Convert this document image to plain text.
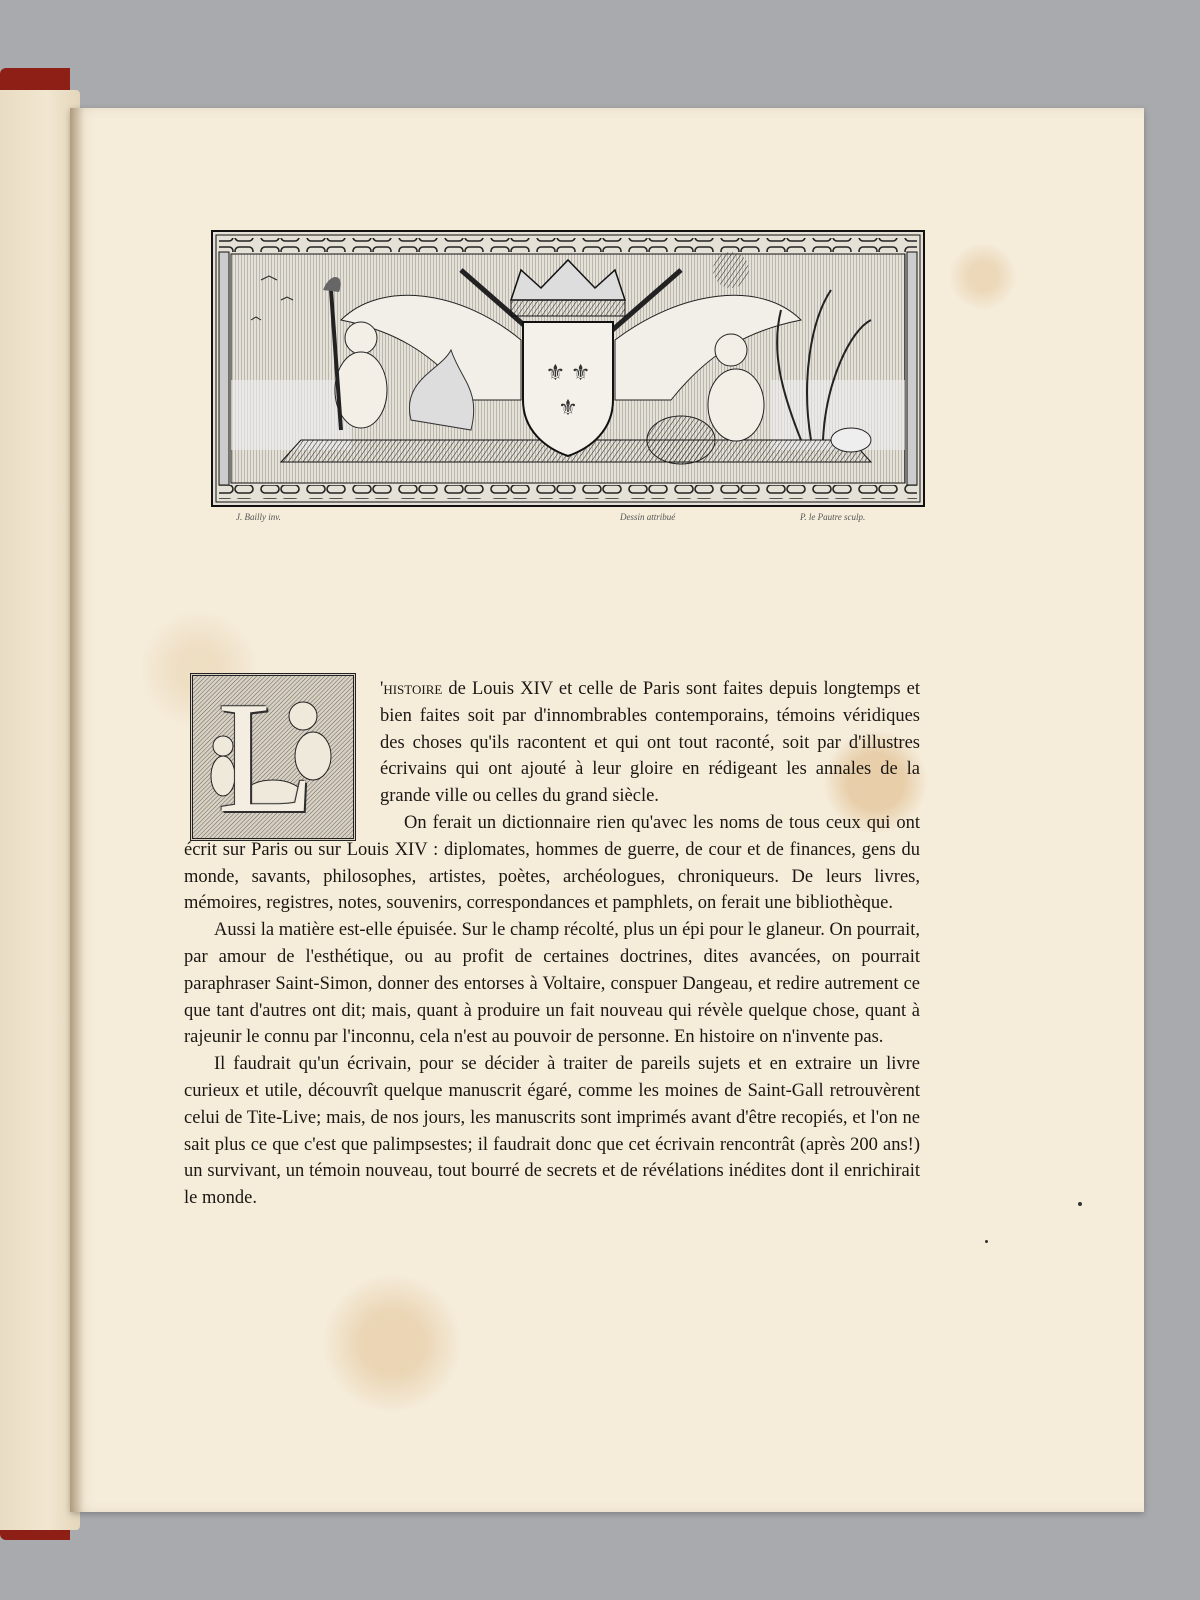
⚜ ⚜
⚜
J. Bailly inv.	Dessin attribué	P. le Pautre sculp.
L	'histoire de Louis XIV et celle de Paris sont faites depuis longtemps et bien faites soit par d'innombrables contemporains, témoins véridiques des choses qu'ils racontent et qui ont tout raconté, soit par d'illustres écrivains qui ont ajouté à leur gloire en rédigeant les annales de la grande ville ou celles du grand siècle.

On ferait un dictionnaire rien qu'avec les noms de tous ceux qui ont écrit sur Paris ou sur Louis XIV : diplomates, hommes de guerre, de cour et de finances, gens du monde, savants, philosophes, artistes, poètes, archéologues, chroniqueurs. De leurs livres, mémoires, registres, notes, souvenirs, correspondances et pamphlets, on ferait une bibliothèque.

Aussi la matière est-elle épuisée. Sur le champ récolté, plus un épi pour le glaneur. On pourrait, par amour de l'esthétique, ou au profit de certaines doctrines, dites avancées, on pourrait paraphraser Saint-Simon, donner des entorses à Voltaire, conspuer Dangeau, et redire autrement ce que tant d'autres ont dit; mais, quant à produire un fait nouveau qui révèle quelque chose, quant à rajeunir le connu par l'inconnu, cela n'est au pouvoir de personne. En histoire on n'invente pas.

Il faudrait qu'un écrivain, pour se décider à traiter de pareils sujets et en extraire un livre curieux et utile, découvrît quelque manuscrit égaré, comme les moines de Saint-Gall retrouvèrent celui de Tite-Live; mais, de nos jours, les manuscrits sont imprimés avant d'être recopiés, et l'on ne sait plus ce que c'est que palimpsestes; il faudrait donc que cet écrivain rencontrât (après 200 ans!) un survivant, un témoin nouveau, tout bourré de secrets et de révélations inédites dont il enrichirait le monde.
